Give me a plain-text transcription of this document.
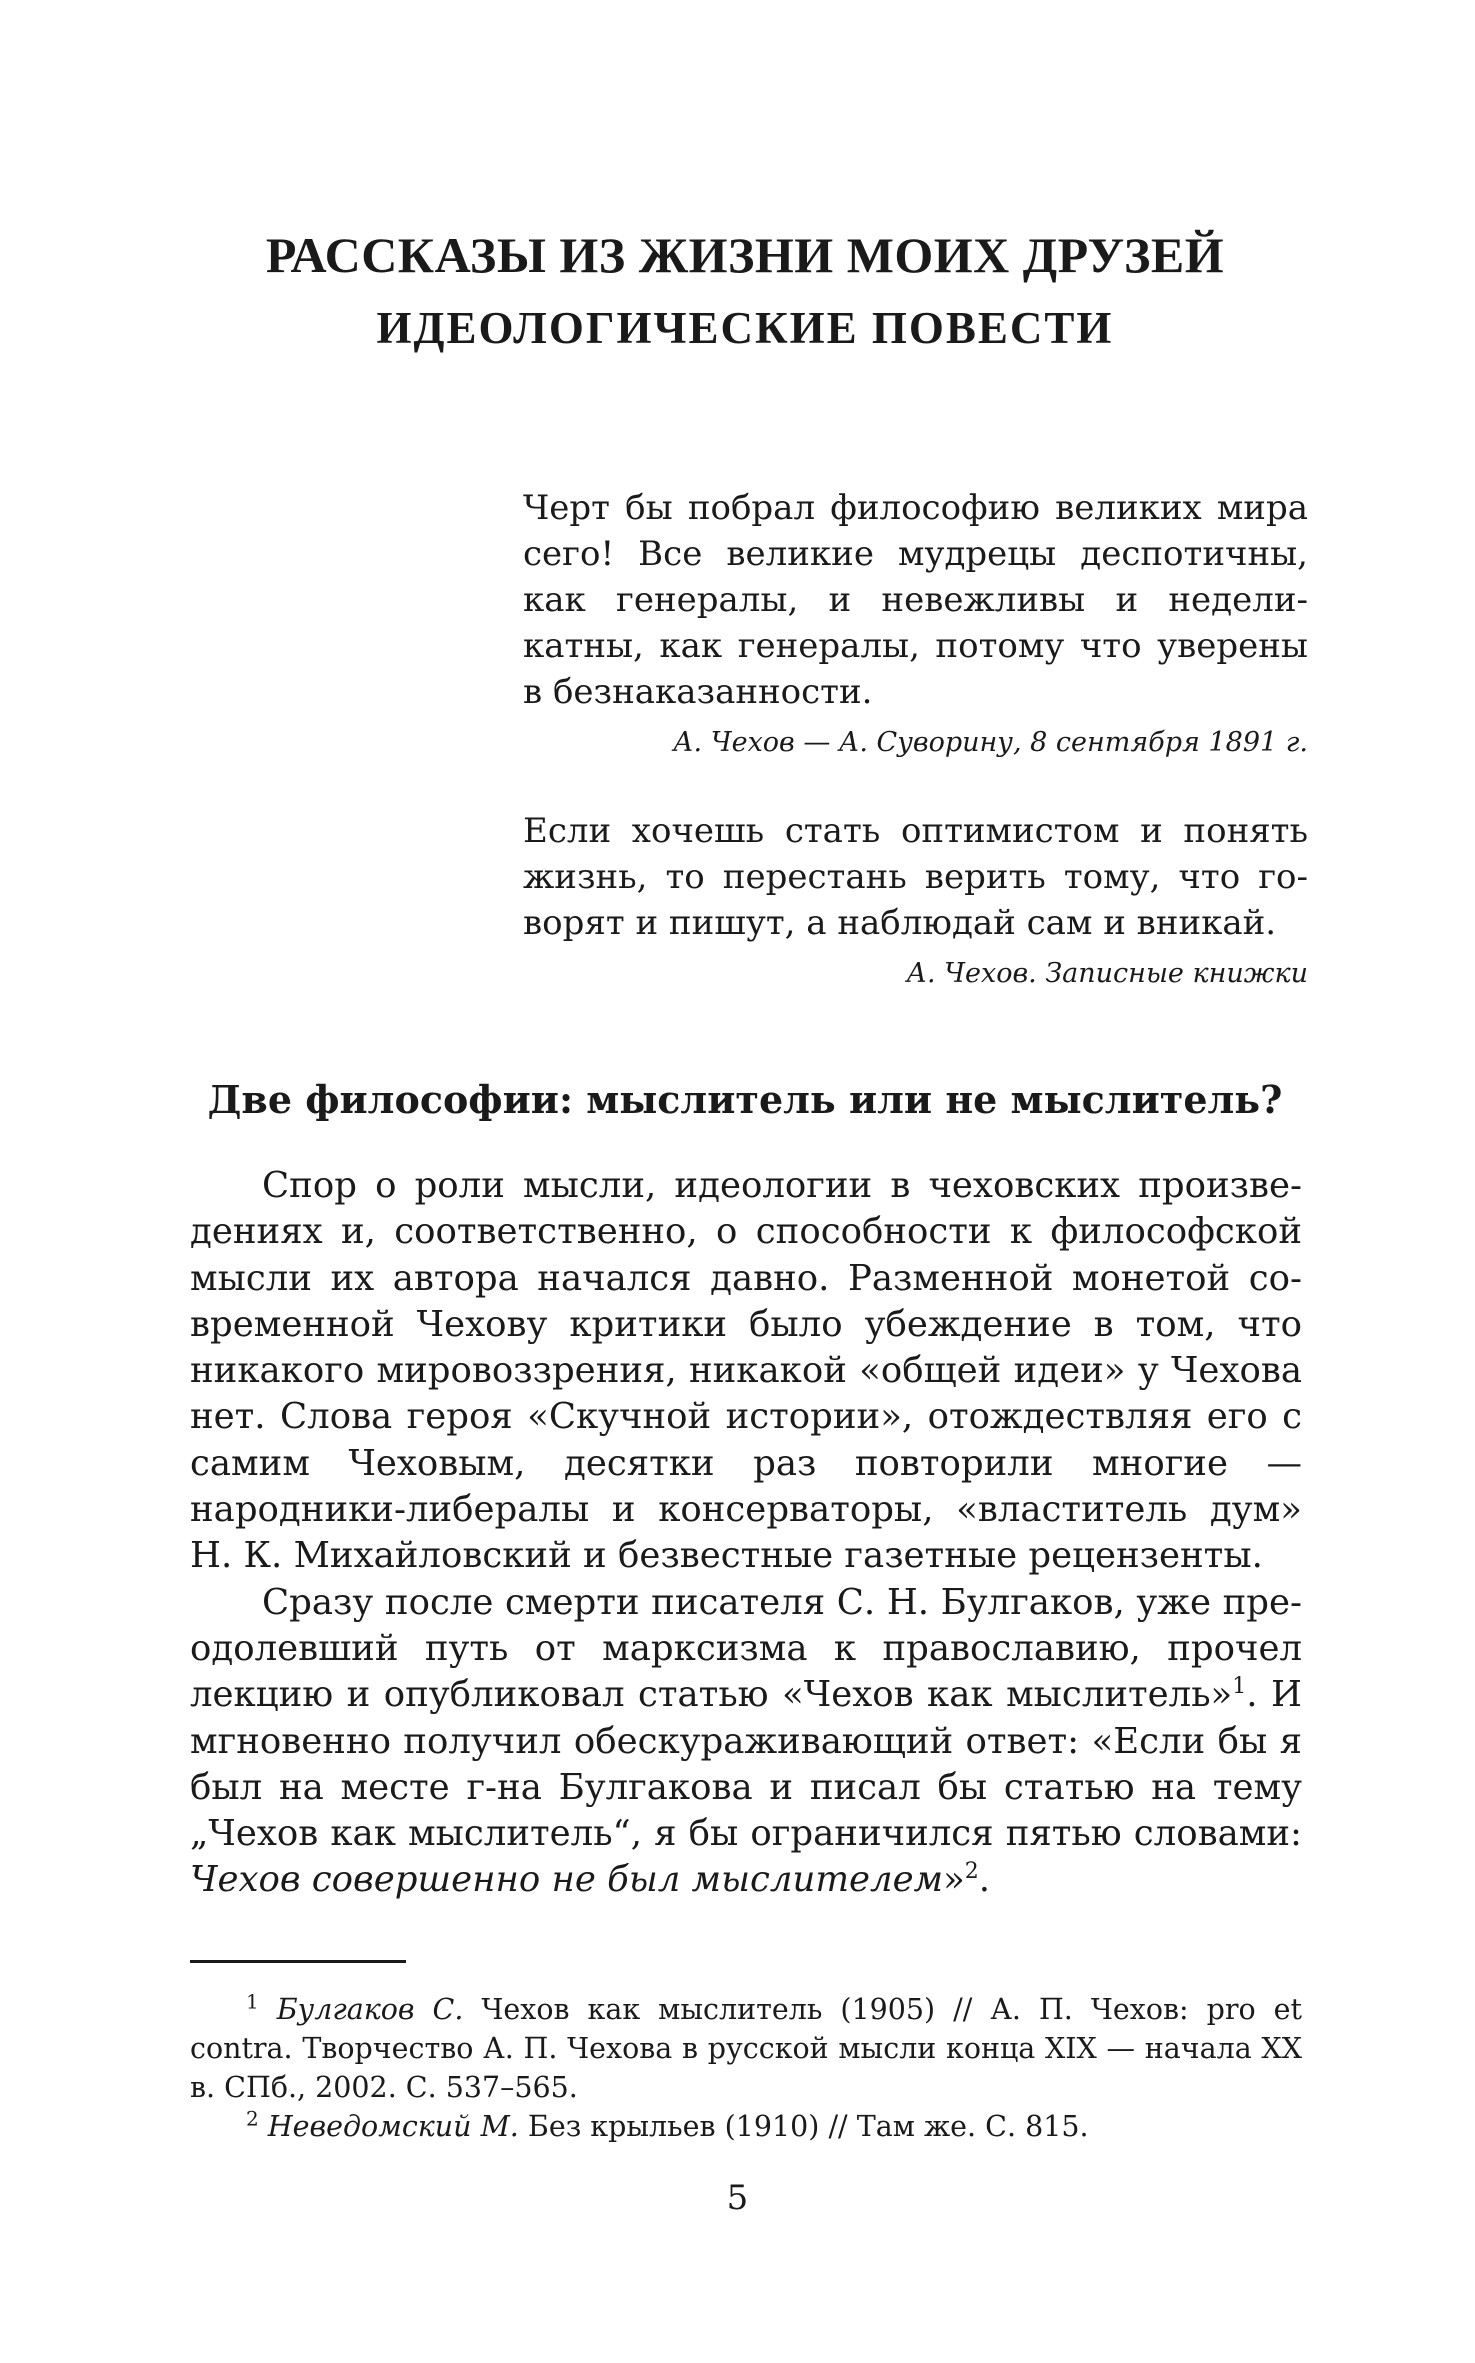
РАССКАЗЫ ИЗ ЖИЗНИ МОИХ ДРУЗЕЙ
ИДЕОЛОГИЧЕСКИЕ ПОВЕСТИ

Черт бы побрал философию великих мира сего! Все великие мудрецы деспотичны, как генералы, и невежливы и неделикатны, как генералы, потому что уверены в безнаказанности.

А. Чехов — А. Суворину, 8 сентября 1891 г.

Если хочешь стать оптимистом и понять жизнь, то перестань верить тому, что говорят и пишут, а наблюдай сам и вникай.

А. Чехов. Записные книжки

Две философии: мыслитель или не мыслитель?

Спор о роли мысли, идеологии в чеховских произведениях и, соответственно, о способности к философской мысли их автора начался давно. Разменной монетой современной Чехову критики было убеждение в том, что никакого мировоззрения, никакой «общей идеи» у Чехова нет. Слова героя «Скучной истории», отождествляя его с самим Чеховым, десятки раз повторили многие — народники-либералы и консерваторы, «властитель дум» Н. К. Михайловский и безвестные газетные рецензенты.

Сразу после смерти писателя С. Н. Булгаков, уже преодолевший путь от марксизма к православию, прочел лекцию и опубликовал статью «Чехов как мыслитель»$^1$. И мгновенно получил обескураживающий ответ: «Если бы я был на месте г-на Булгакова и писал бы статью на тему „Чехов как мыслитель“, я бы ограничился пятью словами: Чехов совершенно не был мыслителем»$^2$.

$^1$ Булгаков С. Чехов как мыслитель (1905) // А. П. Чехов: pro et contra. Творчество А. П. Чехова в русской мысли конца XIX — начала XX в. СПб., 2002. С. 537–565.

$^2$ Неведомский М. Без крыльев (1910) // Там же. С. 815.

5
